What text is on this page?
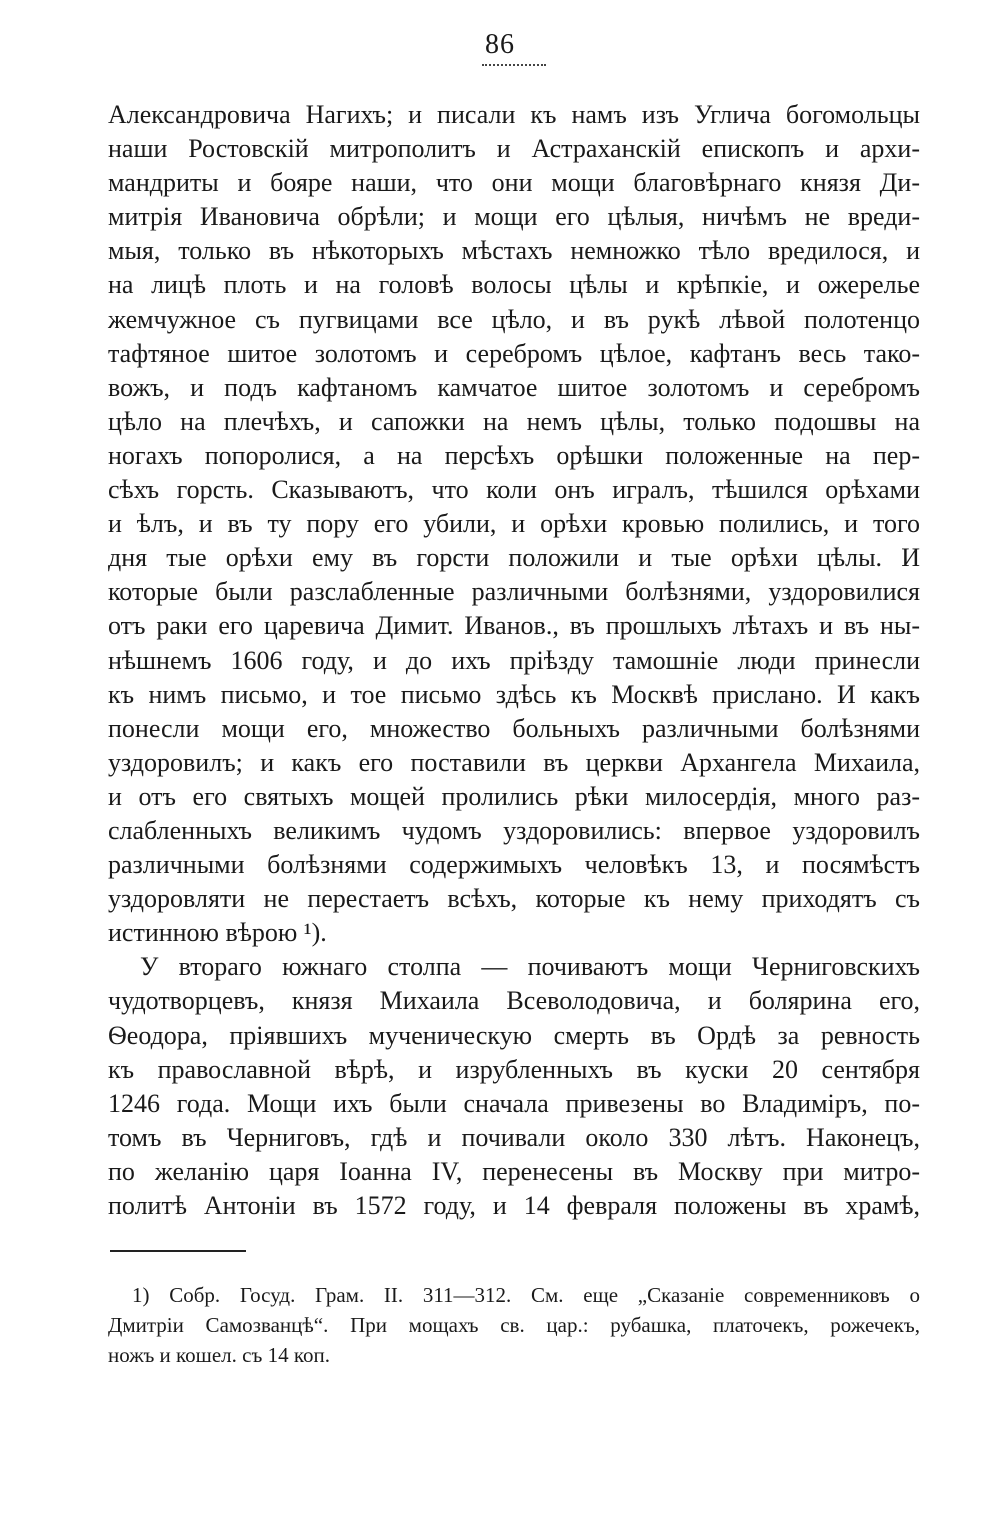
86
Александровича Нагихъ; и писали къ намъ изъ Углича богомольцы
наши Ростовскій митрополитъ и Астраханскій епископъ и архи-
мандриты и бояре наши, что они мощи благовѣрнаго князя Ди-
митрія Ивановича обрѣли; и мощи его цѣлыя, ничѣмъ не вреди-
мыя, только въ нѣкоторыхъ мѣстахъ немножко тѣло вредилося, и
на лицѣ плоть и на головѣ волосы цѣлы и крѣпкіе, и ожерелье
жемчужное съ пугвицами все цѣло, и въ рукѣ лѣвой полотенцо
тафтяное шитое золотомъ и серебромъ цѣлое, кафтанъ весь тако-
вожъ, и подъ кафтаномъ камчатое шитое золотомъ и серебромъ
цѣло на плечѣхъ, и сапожки на немъ цѣлы, только подошвы на
ногахъ попоролися, а на персѣхъ орѣшки положенные на пер-
сѣхъ горсть. Сказываютъ, что коли онъ игралъ, тѣшился орѣхами
и ѣлъ, и въ ту пору его убили, и орѣхи кровью полились, и того
дня тые орѣхи ему въ горсти положили и тые орѣхи цѣлы. И
которые были разслабленные различными болѣзнями, уздоровилися
отъ раки его царевича Димит. Иванов., въ прошлыхъ лѣтахъ и въ ны-
нѣшнемъ 1606 году, и до ихъ пріѣзду тамошніе люди принесли
къ нимъ письмо, и тое письмо здѣсь къ Москвѣ прислано. И какъ
понесли мощи его, множество больныхъ различными болѣзнями
уздоровилъ; и какъ его поставили въ церкви Архангела Михаила,
и отъ его святыхъ мощей пролились рѣки милосердія, много раз-
слабленныхъ великимъ чудомъ уздоровились: впервое уздоровилъ
различными болѣзнями содержимыхъ человѣкъ 13, и посямѣстъ
уздоровляти не перестаетъ всѣхъ, которые къ нему приходятъ съ
истинною вѣрою ¹).
У втораго южнаго столпа — почиваютъ мощи Черниговскихъ
чудотворцевъ, князя Михаила Всеволодовича, и болярина его,
Ѳеодора, пріявшихъ мученическую смерть въ Ордѣ за ревность
къ православной вѣрѣ, и изрубленныхъ въ куски 20 сентября
1246 года. Мощи ихъ были сначала привезены во Владиміръ, по-
томъ въ Черниговъ, гдѣ и почивали около 330 лѣтъ. Наконецъ,
по желанію царя Іоанна IV, перенесены въ Москву при митро-
политѣ Антоніи въ 1572 году, и 14 февраля положены въ храмѣ,
1) Собр. Госуд. Грам. II. 311—312. См. еще „Сказаніе современниковъ о
Дмитріи Самозванцѣ“. При мощахъ св. цар.: рубашка, платочекъ, рожечекъ,
ножъ и кошел. съ 14 коп.
